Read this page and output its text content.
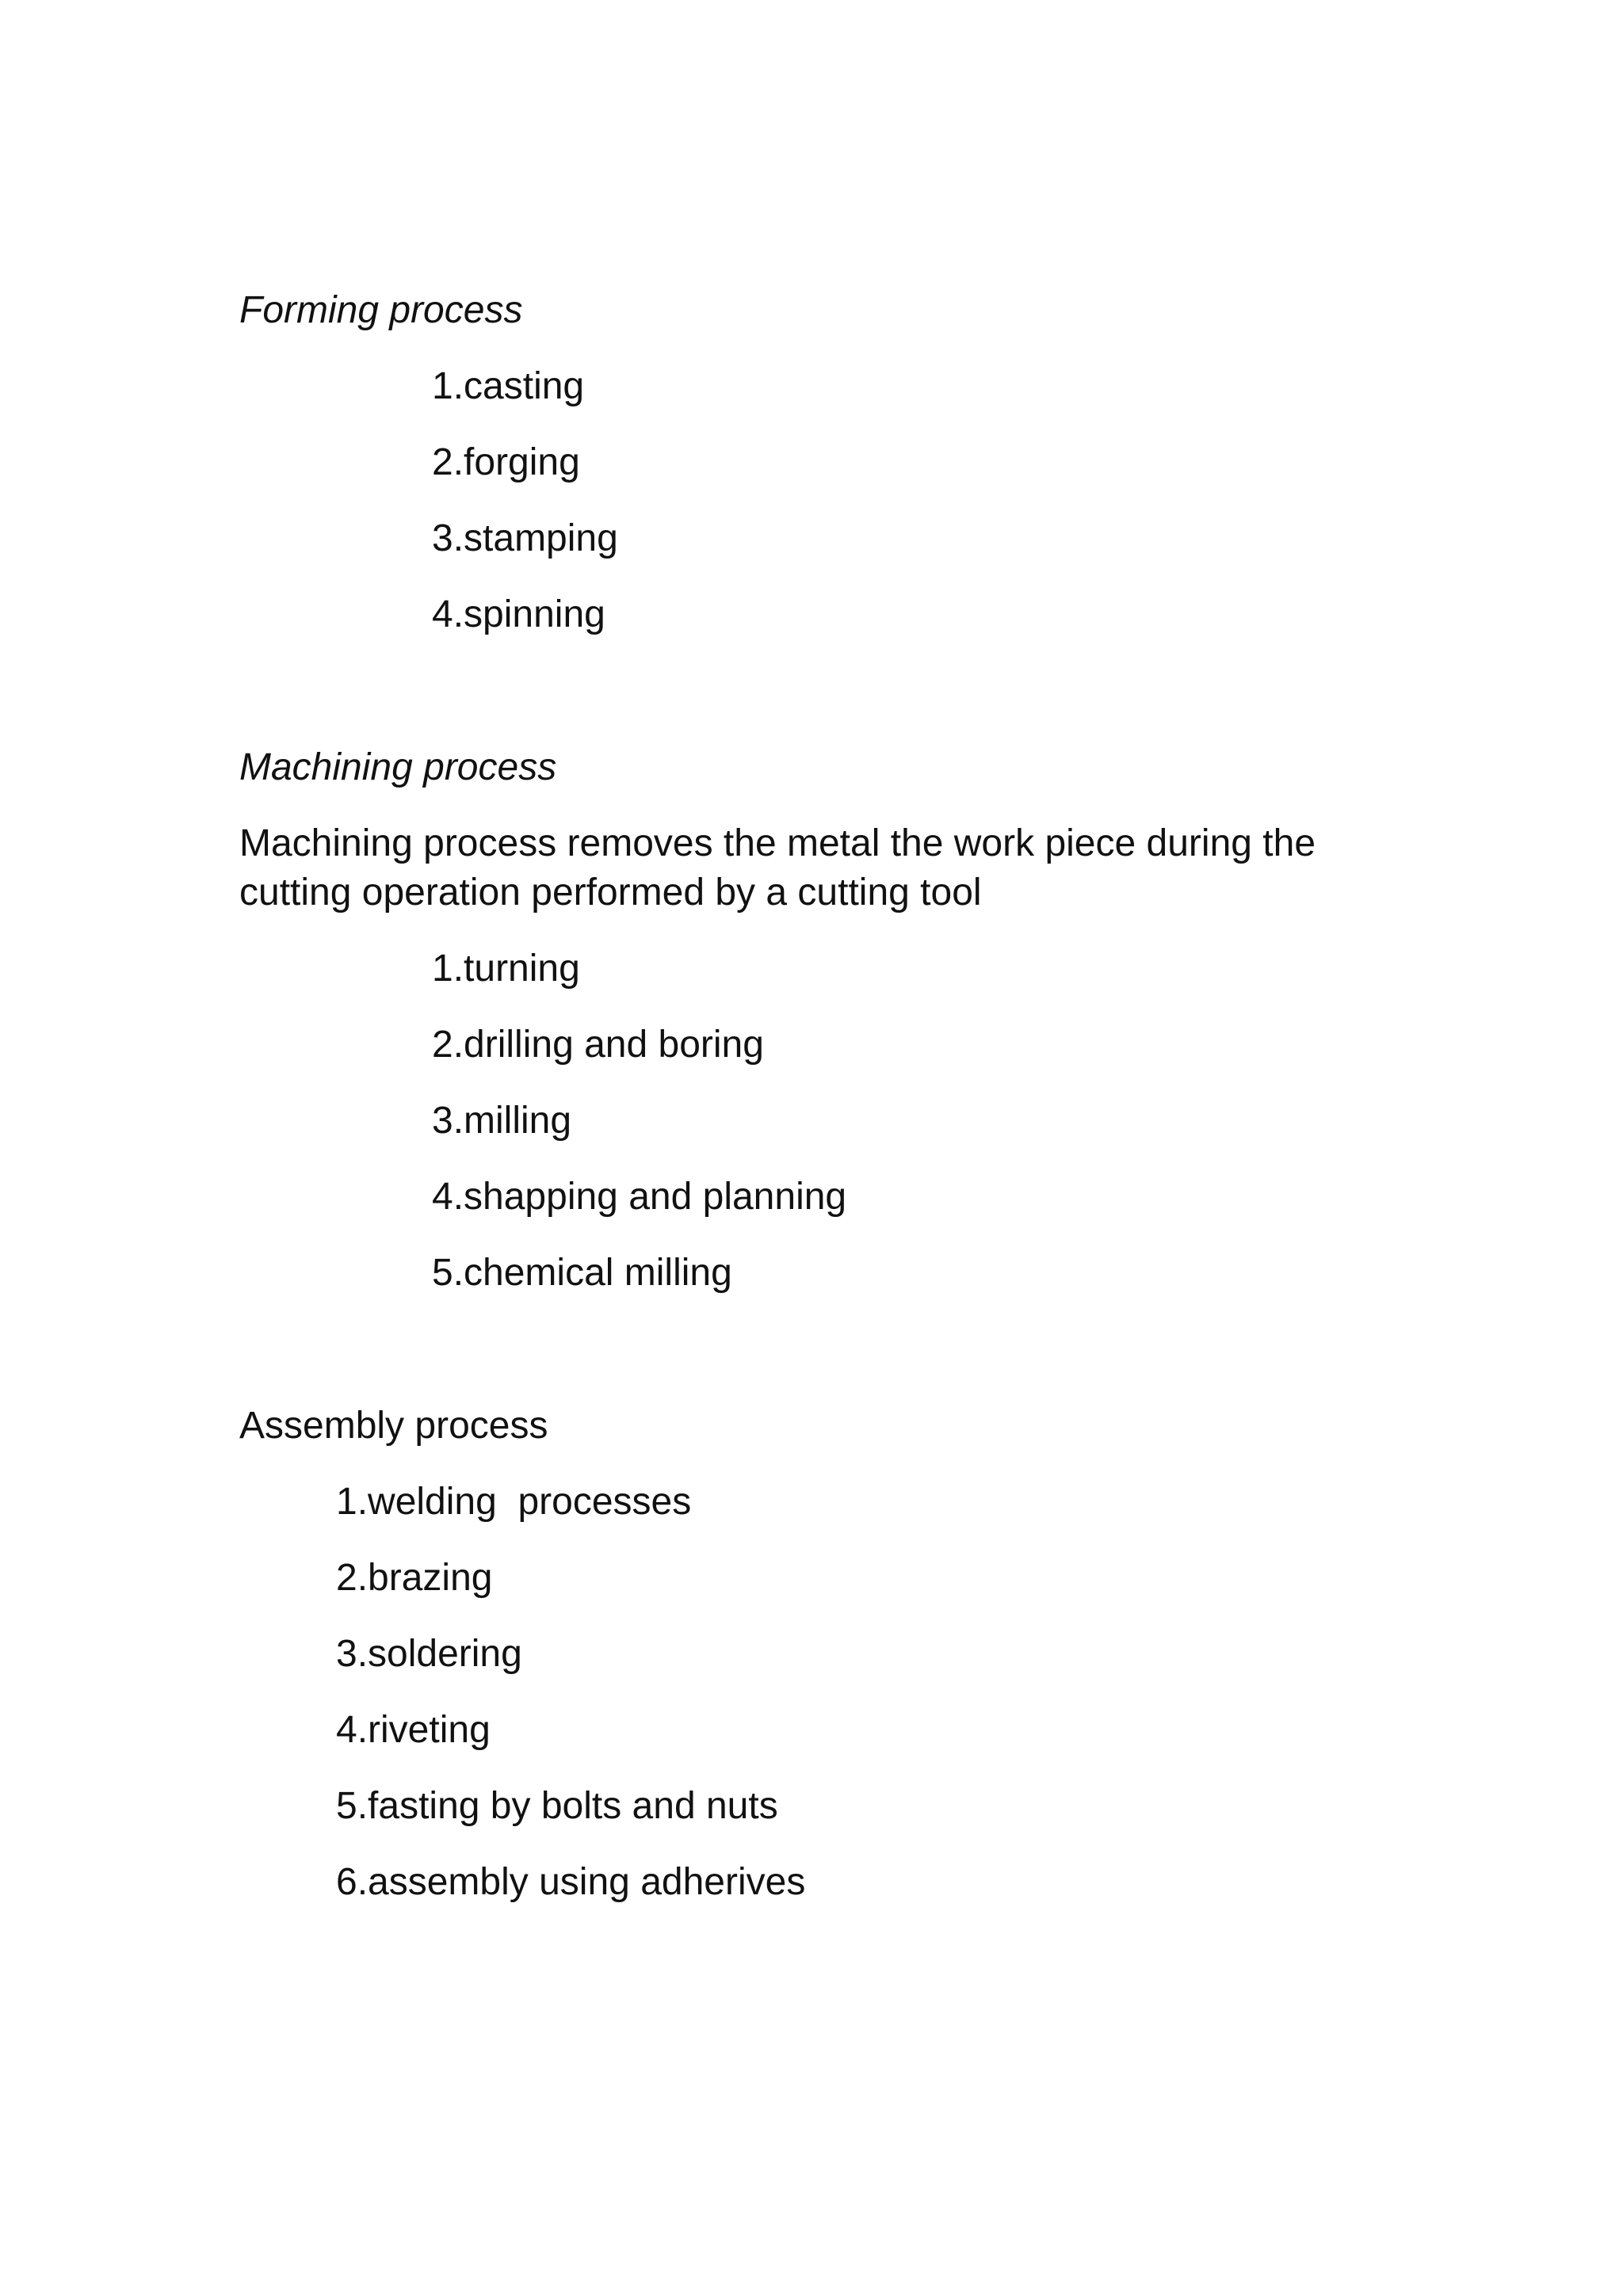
Forming process
1.casting
2.forging
3.stamping
4.spinning
Machining process
Machining process removes the metal the work piece during the
cutting operation performed by a cutting tool
1.turning
2.drilling and boring
3.milling
4.shapping and planning
5.chemical milling
Assembly process
1.welding  processes
2.brazing
3.soldering
4.riveting
5.fasting by bolts and nuts
6.assembly using adherives
